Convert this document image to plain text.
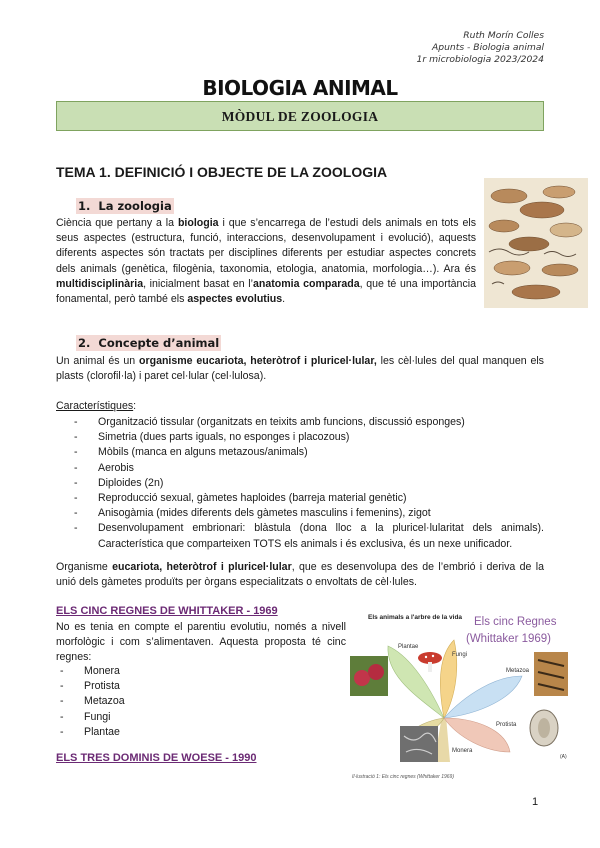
Ruth Morín Colles
Apunts - Biologia animal
1r microbiologia 2023/2024
BIOLOGIA ANIMAL
MÒDUL DE ZOOLOGIA
TEMA 1. DEFINICIÓ I OBJECTE DE LA ZOOLOGIA
1. La zoologia
Ciència que pertany a la biologia i que s’encarrega de l’estudi dels animals en tots els seus aspectes (estructura, funció, interaccions, desenvolupament i evolució), aquests diferents aspectes són tractats per disciplines diferents per estudiar aspectes concrets dels animals (genètica, filogènia, taxonomia, etologia, anatomia, morfologia…). Ara és multidisciplinària, inicialment basat en l’anatomia comparada, que té una importància fonamental, però també els aspectes evolutius.
2. Concepte d’animal
Un animal és un organisme eucariota, heteròtrof i pluricel·lular, les cèl·lules del qual manquen els plasts (clorofil·la) i paret cel·lular (cel·lulosa).
Característiques:
- Organització tissular (organitzats en teixits amb funcions, discussió esponges)
- Simetria (dues parts iguals, no esponges i placozous)
- Mòbils (manca en alguns metazous/animals)
- Aerobis
- Diploides (2n)
- Reproducció sexual, gàmetes haploides (barreja material genètic)
- Anisogàmia (mides diferents dels gàmetes masculins i femenins), zigot
- Desenvolupament embrionari: blàstula (dona lloc a la pluricel·lularitat dels animals). Característica que comparteixen TOTS els animals i és exclusiva, és un nexe unificador.
Organisme eucariota, heteròtrof i pluricel·lular, que es desenvolupa des de l’embrió i deriva de la unió dels gàmetes produïts per òrgans especialitzats o envoltats de cèl·lules.
ELS CINC REGNES DE WHITTAKER - 1969
No es tenia en compte el parentiu evolutiu, només a nivell morfològic i com s’alimentaven. Aquesta proposta té cinc regnes:
- Monera
- Protista
- Metazoa
- Fungi
- Plantae
ELS TRES DOMINIS DE WOESE - 1990
Els animals a l'arbre de la vida Els cinc Regnes
(Whittaker 1969)
Plantae
Fungi
Metazoa
Protista
Monera
(A)
Il·lustració 1: Els cinc regnes (Whittaker 1969)
1
